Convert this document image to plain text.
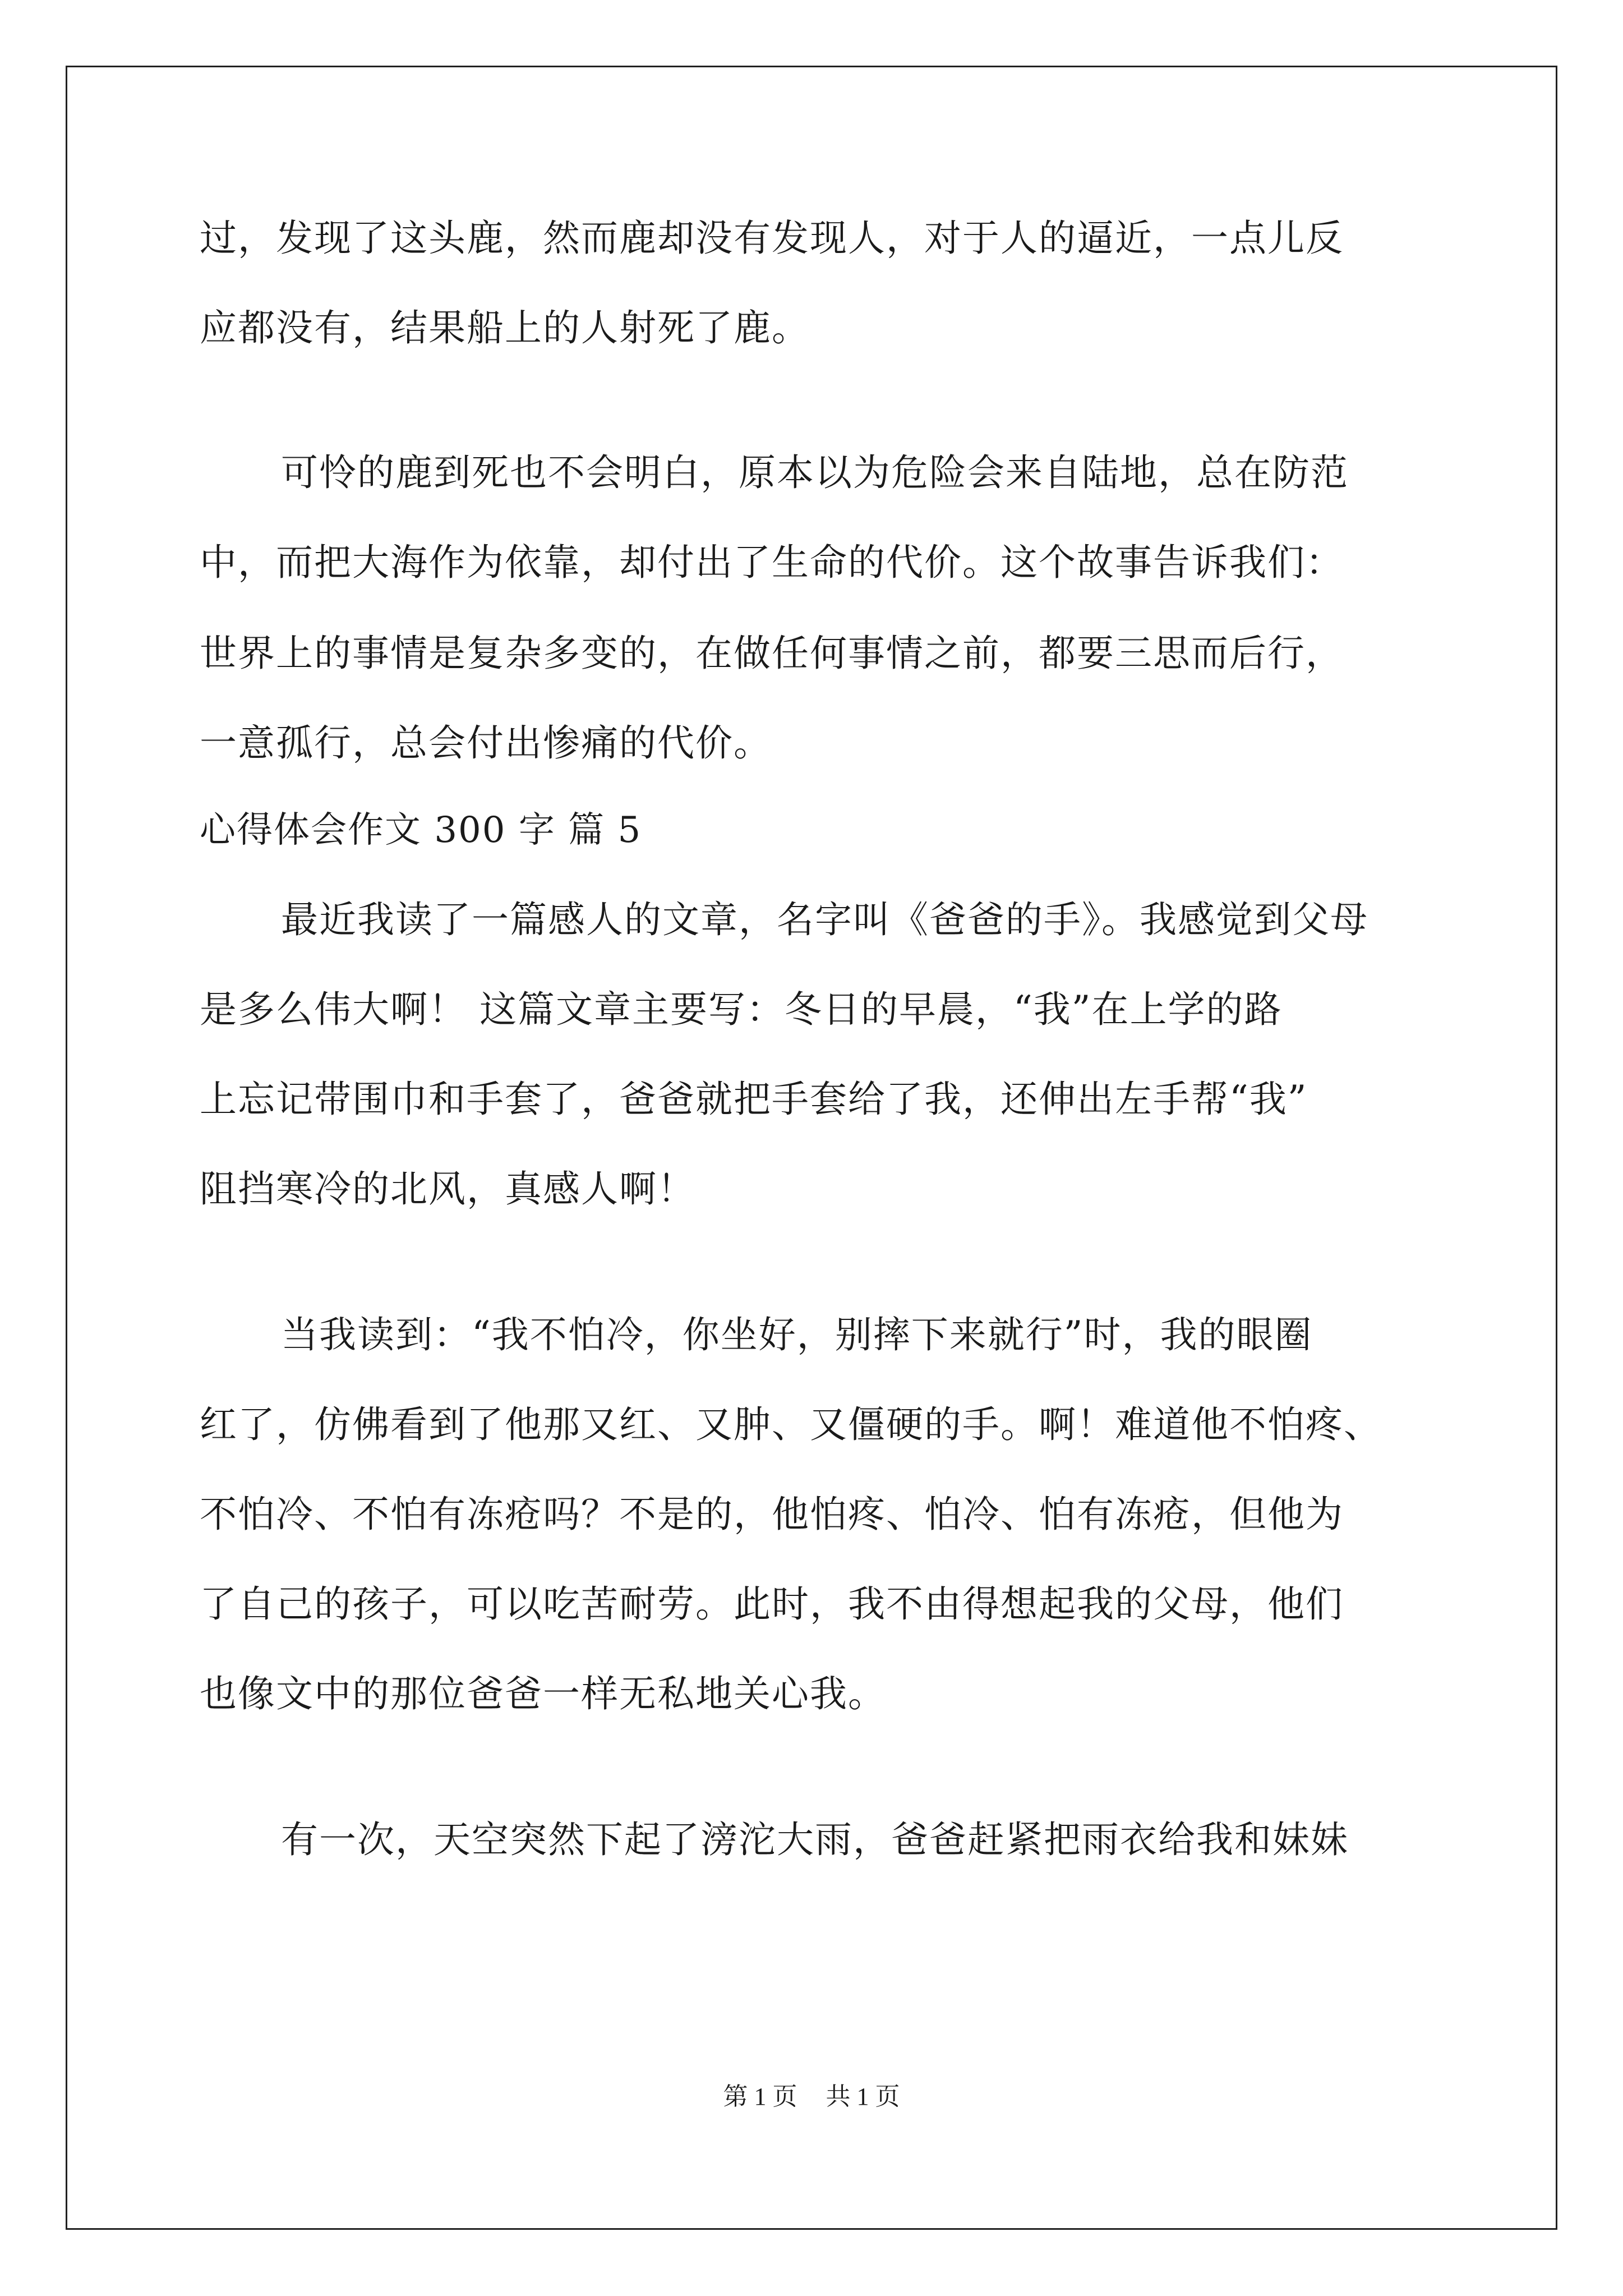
过，发现了这头鹿，然而鹿却没有发现人，对于人的逼近，一点儿反
应都没有，结果船上的人射死了鹿。
可怜的鹿到死也不会明白，原本以为危险会来自陆地，总在防范
中，而把大海作为依靠，却付出了生命的代价。这个故事告诉我们：
世界上的事情是复杂多变的，在做任何事情之前，都要三思而后行，
一意孤行，总会付出惨痛的代价。
心得体会作文 300 字 篇 5
最近我读了一篇感人的文章，名字叫《爸爸的手》。我感觉到父母
是多么伟大啊！ 这篇文章主要写：冬日的早晨，“我”在上学的路
上忘记带围巾和手套了，爸爸就把手套给了我，还伸出左手帮“我”
阻挡寒冷的北风，真感人啊！
当我读到：“我不怕冷，你坐好，别摔下来就行”时，我的眼圈
红了，仿佛看到了他那又红、又肿、又僵硬的手。啊！难道他不怕疼、
不怕冷、不怕有冻疮吗？不是的，他怕疼、怕冷、怕有冻疮，但他为
了自己的孩子，可以吃苦耐劳。此时，我不由得想起我的父母，他们
也像文中的那位爸爸一样无私地关心我。
有一次，天空突然下起了滂沱大雨，爸爸赶紧把雨衣给我和妹妹
第 1 页 共 1 页
